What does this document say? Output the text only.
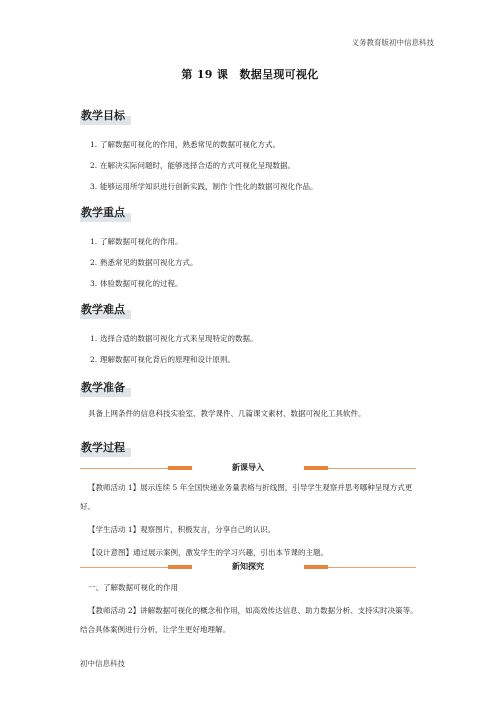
义务教育版初中信息科技
第 19 课　数据呈现可视化
教学目标
1. 了解数据可视化的作用，熟悉常见的数据可视化方式。
2. 在解决实际问题时，能够选择合适的方式可视化呈现数据。
3. 能够运用所学知识进行创新实践，制作个性化的数据可视化作品。
教学重点
1. 了解数据可视化的作用。
2. 熟悉常见的数据可视化方式。
3. 体验数据可视化的过程。
教学难点
1. 选择合适的数据可视化方式来呈现特定的数据。
2. 理解数据可视化背后的原理和设计原则。
教学准备
具备上网条件的信息科技实验室、教学课件、几篇课文素材、数据可视化工具软件。
教学过程
新课导入

【教师活动 1】展示连续 5 年全国快递业务量表格与折线图，引导学生观察并思考哪种呈现方式更好。

【学生活动 1】观察图片，积极发言，分享自己的认识。

【设计意图】通过展示案例，激发学生的学习兴趣，引出本节课的主题。

新知探究

一、了解数据可视化的作用

【教师活动 2】讲解数据可视化的概念和作用，如高效传达信息、助力数据分析、支持实时决策等。结合具体案例进行分析，让学生更好地理解。

初中信息科技
